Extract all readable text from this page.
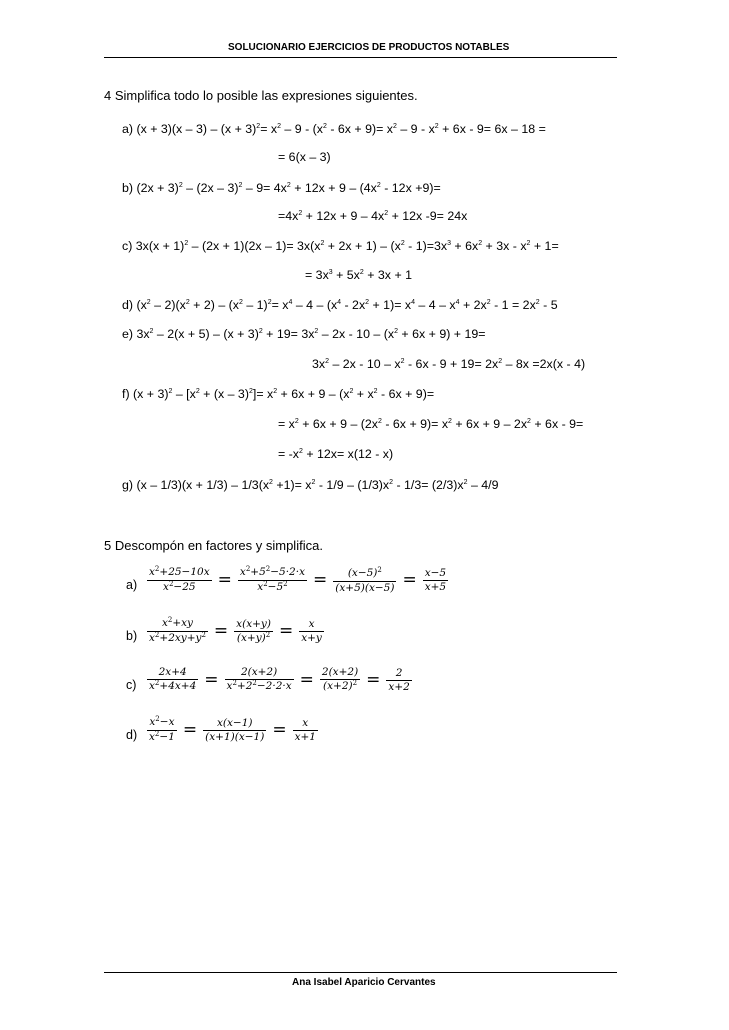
SOLUCIONARIO EJERCICIOS DE PRODUCTOS NOTABLES
4 Simplifica todo lo posible las expresiones siguientes.
a) $(x + 3)(x - 3) - (x + 3)^2= x^2 - 9 - (x^2 - 6x + 9)= x^2 - 9 - x^2 + 6x - 9= 6x - 18$ =
= 6(x – 3)
b) $(2x + 3)^2 - (2x - 3)^2 - 9= 4x^2 + 12x + 9 - (4x^2 - 12x +9)=$
$=4x^2 + 12x + 9 - 4x^2 + 12x$ -9= 24x
c) $3x(x + 1)^2 - (2x + 1)(2x - 1)= 3x(x^2 + 2x + 1) - (x^2 - 1)=3x^3 + 6x^2 + 3x - x^2 + 1=$
= $3x^3 + 5x^2 + 3x + 1$
d) $(x^2 - 2)(x^2 + 2) - (x^2 - 1)^2= x^4 - 4 - (x^4 - 2x^2 + 1)= x^4 - 4 - x^4 + 2x^2 - 1 = 2x^2 - 5$
e) $3x^2 - 2(x + 5) - (x + 3)^2 + 19= 3x^2 - 2x - 10 - (x^2 + 6x + 9) + 19=$
$3x^2 - 2x - 10 - x^2 - 6x - 9 + 19= 2x^2 - 8x =2x(x - 4)$
f) $(x + 3)^2 - [x^2 + (x - 3)^2]= x^2 + 6x + 9 - (x^2 + x^2 - 6x + 9)=$
= $x^2 + 6x + 9 - (2x^2 - 6x + 9)= x^2 + 6x + 9 - 2x^2 + 6x - 9=$
= $-x^2 + 12x= x(12 - x)$
g) $(x - 1/3)(x + 1/3) - 1/3(x^2 +1)= x^2 - 1/9 - (1/3)x^2 - 1/3= (2/3)x^2 - 4/9$
5 Descompón en factores y simplifica.
$a) \frac{x^2+25-10x}{x^2-25} = \frac{x^2+5^2-5\cdot 2\cdot x}{x^2-5^2} = \frac{(x-5)^2}{(x+5)(x-5)} = \frac{x-5}{x+5}$
$b) \frac{x^2+xy}{x^2+2xy+y^2} = \frac{x(x+y)}{(x+y)^2} = \frac{x}{x+y}$
$c) \frac{2x+4}{x^2+4x+4} = \frac{2(x+2)}{x^2+2^2-2\cdot 2\cdot x} = \frac{2(x+2)}{(x+2)^2} = \frac{2}{x+2}$
$d) \frac{x^2-x}{x^2-1} = \frac{x(x-1)}{(x+1)(x-1)} = \frac{x}{x+1}$
Ana Isabel Aparicio Cervantes
